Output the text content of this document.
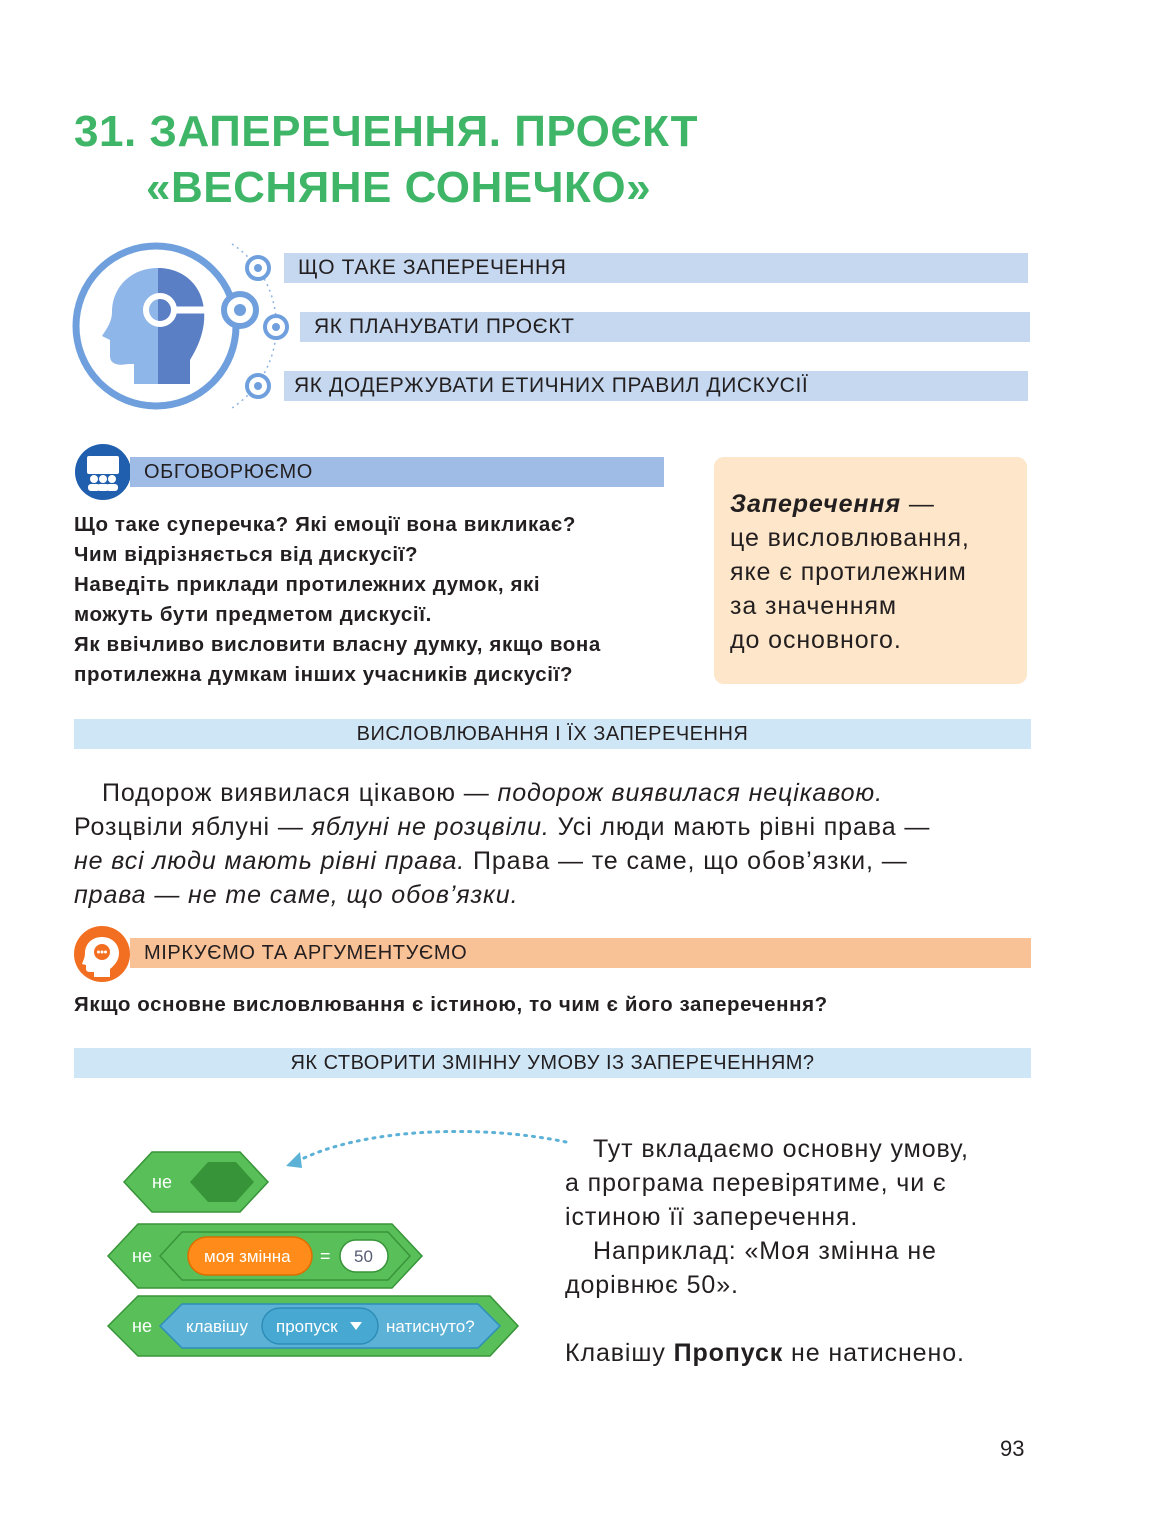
31. ЗАПЕРЕЧЕННЯ. ПРОЄКТ

«ВЕСНЯНЕ СОНЕЧКО»
ЩО ТАКЕ ЗАПЕРЕЧЕННЯ
ЯК ПЛАНУВАТИ ПРОЄКТ
ЯК ДОДЕРЖУВАТИ ЕТИЧНИХ ПРАВИЛ ДИСКУСІЇ
ОБГОВОРЮЄМО
Що таке суперечка? Які емоції вона викликає?
Чим відрізняється від дискусії?
Наведіть приклади протилежних думок, які
можуть бути предметом дискусії.
Як ввічливо висловити власну думку, якщо вона
протилежна думкам інших учасників дискусії?
Заперечення —
це висловлювання,
яке є протилежним
за значенням
до основного.
ВИСЛОВЛЮВАННЯ І ЇХ ЗАПЕРЕЧЕННЯ
Подорож виявилася цікавою — подорож виявилася нецікавою.
Розцвіли яблуні — яблуні не розцвіли. Усі люди мають рівні права —
не всі люди мають рівні права. Права — те саме, що обов’язки, —
права — не те саме, що обов’язки.
МІРКУЄМО ТА АРГУМЕНТУЄМО
Якщо основне висловлювання є істиною, то чим є його заперечення?
ЯК СТВОРИТИ ЗМІННУ УМОВУ ІЗ ЗАПЕРЕЧЕННЯМ?
не
не	моя змінна = 50
не клавішу пропуск	натиснуто?
Тут вкладаємо основну умову,
а програма перевірятиме, чи є
істиною її заперечення.
Наприклад: «Моя змінна не
дорівнює 50».
Клавішу Пропуск не натиснено.
93
